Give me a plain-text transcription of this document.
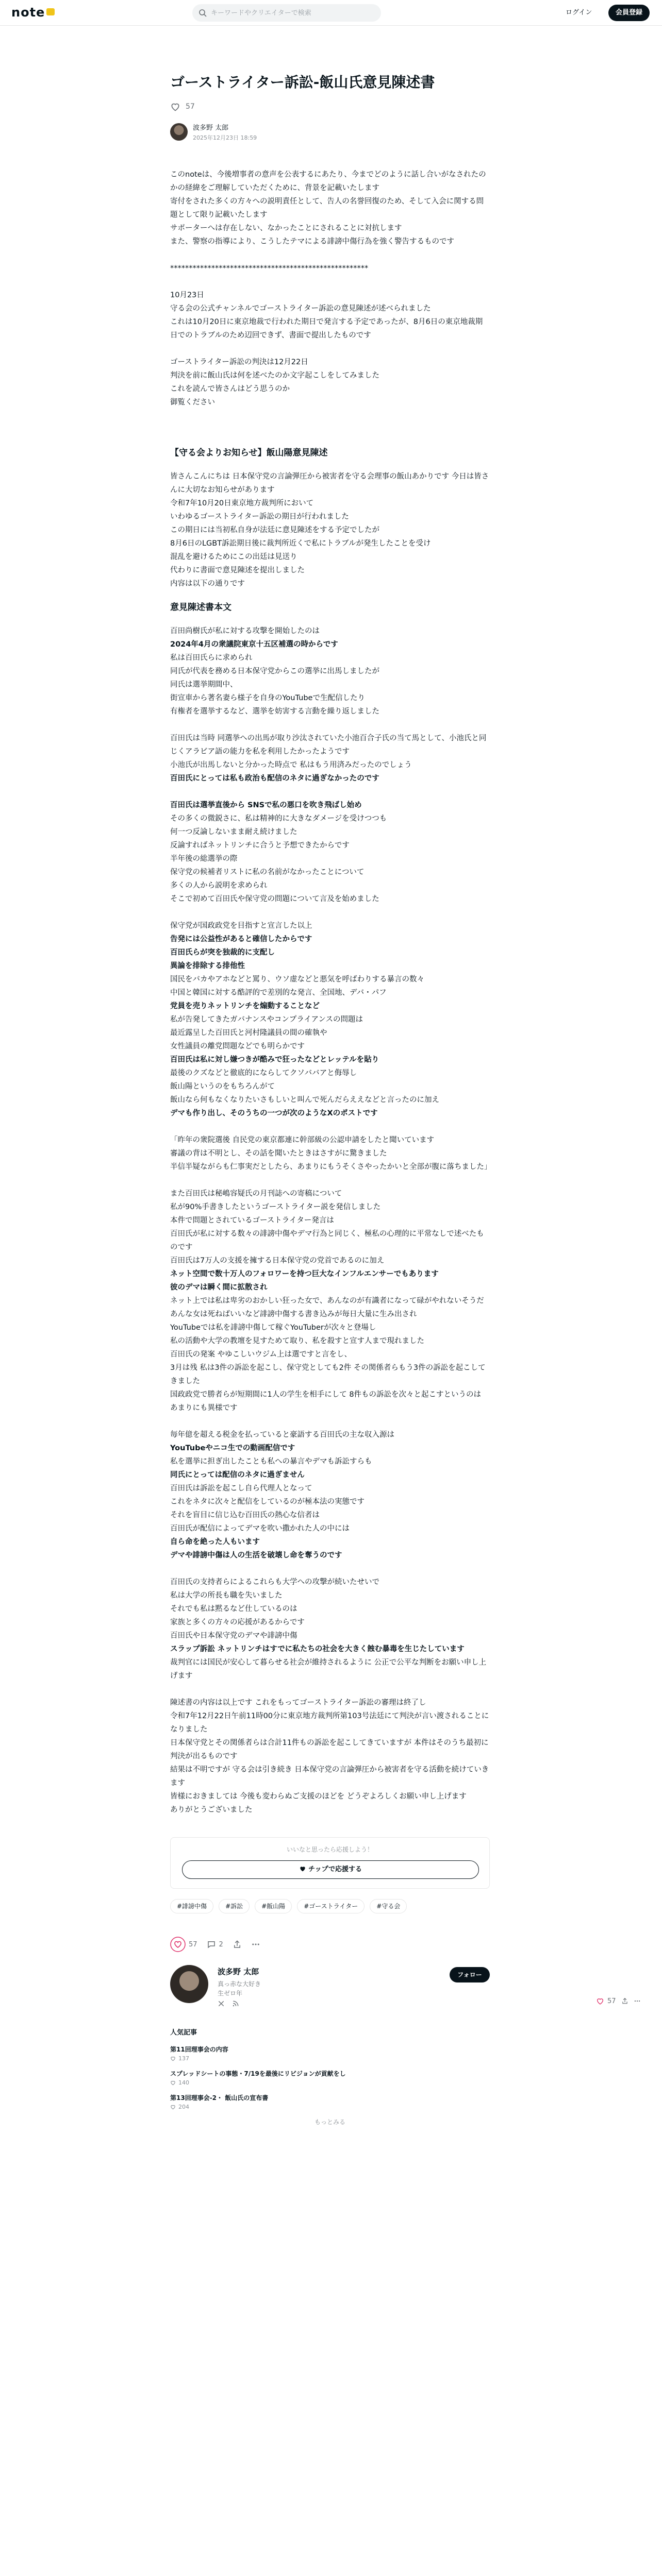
note
キーワードやクリエイターで検索	ログイン	会員登録
57
ゴーストライター訴訟-飯山氏意見陳述書
57
波多野 太郎
2025年12月23日 18:59

このnoteは、今後増事者の意声を公表するにあたり、今までどのように話し合いがなされたのかの経緯をご理解していただくために、背景を記載いたします

寄付をされた多くの方々への説明責任として、告人の名誉回復のため、そして入会に関する問題として限り記載いたします

サポーターへは存在しない、なかったことにされることに対抗します

また、警察の指導により、こうしたテマによる誹謗中傷行為を強く警告するものです

*****************************************************

10月23日

守る会の公式チャンネルでゴーストライター訴訟の意見陳述が述べられました

これは10月20日に東京地裁で行われた期日で発言する予定であったが、8月6日の東京地裁期日でのトラブルのため辺回できず、書面で提出したものです

ゴーストライター訴訟の判決は12月22日

判決を前に飯山氏は何を述べたのか文字起こしをしてみました

これを読んで皆さんはどう思うのか

御覧ください

【守る会よりお知らせ】飯山陽意見陳述

皆さんこんにちは 日本保守党の言論弾圧から被害者を守る会理事の飯山あかりです 今日は皆さんに大切なお知らせがあります

令和7年10月20日東京地方裁判所において

いわゆるゴーストライター訴訟の期日が行われました

この期日には当初私自身が法廷に意見陳述をする予定でしたが

8月6日のLGBT訴訟期日後に裁判所近くで私にトラブルが発生したことを受け

混乱を避けるためにこの出廷は見送り

代わりに書面で意見陳述を提出しました

内容は以下の通りです

意見陳述書本文

百田尚樹氏が私に対する攻撃を開始したのは

2024年4月の衆議院東京十五区補選の時からです

私は百田氏らに求められ

同氏が代表を務める日本保守党からこの選挙に出馬しましたが

同氏は選挙期間中、

街宣車から著名妻ら様子を自身のYouTubeで生配信したり

有権者を選挙するなど、選挙を妨害する言動を繰り返しました

百田氏は当時 同選挙への出馬が取り沙汰されていた小池百合子氏の当て馬として、小池氏と同じくアラビア語の能力を私を利用したかったようです

小池氏が出馬しないと分かった時点で 私はもう用済みだったのでしょう

百田氏にとっては私も政治も配信のネタに過ぎなかったのです

百田氏は選挙直後から SNSで私の悪口を吹き飛ばし始め

その多くの微鋭さに、私は精神的に大きなダメージを受けつつも

何一つ反論しないまま耐え続けました

反論すればネットリンチに合うと予想できたからです

半年後の総選挙の際

保守党の候補者リストに私の名前がなかったことについて

多くの人から説明を求められ

そこで初めて百田氏や保守党の問題について言及を始めました

保守党が国政政党を目指すと宣言した以上

告発には公益性があると確信したからです

百田氏らが突を独裁的に支配し

異論を排除する排他性

国民をバカやアホなどと罵り、ウソ虚などと悪気を呼ばわりする暴言の数々

中国と韓国に対する酷評的で差別的な発言、全国地、デバ・パフ

党員を売りネットリンチを煽動することなど

私が告発してきたガバナンスやコンプライアンスの問題は

最近露呈した百田氏と河村隆議員の間の確執や

女性議員の離党問題などでも明らかです

百田氏は私に対し嫌つきが酷みで狂ったなどとレッテルを貼り

最後のクズなどと徹底的にならしてクソババアと侮辱し

飯山陽というのをもちろんがて

飯山なら何もなくなりたいさもしいと叫んで死んだらええなどと言ったのに加え

デマも作り出し、そのうちの一つが次のようなXのポストです

「昨年の衆院選後 自民党の東京都連に幹部級の公認申請をしたと聞いています

審議の背は不明とし、その話を聞いたときはさすがに驚きました

半信半疑ながらも仁事実だとしたら、あまりにもうそくさやったかいと全部が腹に落ちました」

また百田氏は秘嶋容疑氏の月刊誌への寄稿について

私が90%手書きしたというゴーストライター説を発信しました

本件で問題とされているゴーストライター発言は

百田氏が私に対する数々の誹謗中傷やデマ行為と同じく、極私の心理的に平常なしで述べたものです

百田氏は7万人の支援を擁する日本保守党の党首であるのに加え

ネット空間で数十万人のフォロワーを持つ巨大なインフルエンサーでもあります

彼のデマは瞬く間に拡散され

ネット上では私は卑劣のおかしい狂った女で、あんなのが有識者になって碌がやれないそうだ

あんな女は死ねばいいなど誹謗中傷する書き込みが毎日大量に生み出され

YouTubeでは私を誹謗中傷して稼ぐYouTuberが次々と登場し

私の活動や大学の教壇を見すためて取り、私を殺すと宣す人まで現れました

百田氏の発案 やゆこしいウジム上は選ですと言をし、

3月は残 私は3件の訴訟を起こし、保守党としても2件 その関係者らもう3件の訴訟を起こしてきました

国政政党で勝者らが短期間に1人の学生を相手にして 8件もの訴訟を次々と起こすというのは あまりにも異様です

毎年億を超える税金を払っていると豪語する百田氏の主な収入源は

YouTubeやニコ生での動画配信です

私を選挙に担ぎ出したことも私への暴言やデマも訴訟すらも

同氏にとっては配信のネタに過ぎません

百田氏は訴訟を起こし自ら代理人となって

これをネタに次々と配信をしているのが極本法の実態です

それを盲目に信じ込む百田氏の熱心な信者は

百田氏が配信によってデマを吹い撒かれた人の中には

自ら命を絶った人もいます

デマや誹謗中傷は人の生活を破壊し命を奪うのです

百田氏の支持者らによるこれらも大学への攻撃が続いたせいで

私は大学の所長も職を失いました

それでも私は黙るなど仕しているのは

家族と多くの方々の応援があるからです

百田氏や日本保守党のデマや誹謗中傷

スラップ訴訟 ネットリンチはすでに私たちの社会を大きく蝕む暴毒を生じたしています

裁判官には国民が安心して暮らせる社会が維持されるように 公正で公平な判断をお願い申し上げます

陳述書の内容は以上です これをもってゴーストライター訴訟の審理は終了し

令和7年12月22日午前11時00分に東京地方裁判所第103号法廷にて判決が言い渡されることになりました

日本保守党とその関係者らは合計11件もの訴訟を起こしてきていますが 本件はそのうち最初に判決が出るものです

結果は不明ですが 守る会は引き続き 日本保守党の言論弾圧から被害者を守る活動を続けていきます

皆様におきましては 今後も変わらぬご支援のほどを どうぞよろしくお願い申し上げます

ありがとうございました

いいなと思ったら応援しよう！
チップで応援する
#誹謗中傷	#訴訟	#飯山陽	#ゴーストライター	#守る会
57	2
波多野 太郎
真っ赤な大好き
生ゼロ年
フォロー
人気記事
第11回理事会の内容
137
スプレッドシートの事態・7/19を最後にリビジョンが貢献をし
140
第13回理事会-2・ 飯山氏の宣布書
204
もっとみる
